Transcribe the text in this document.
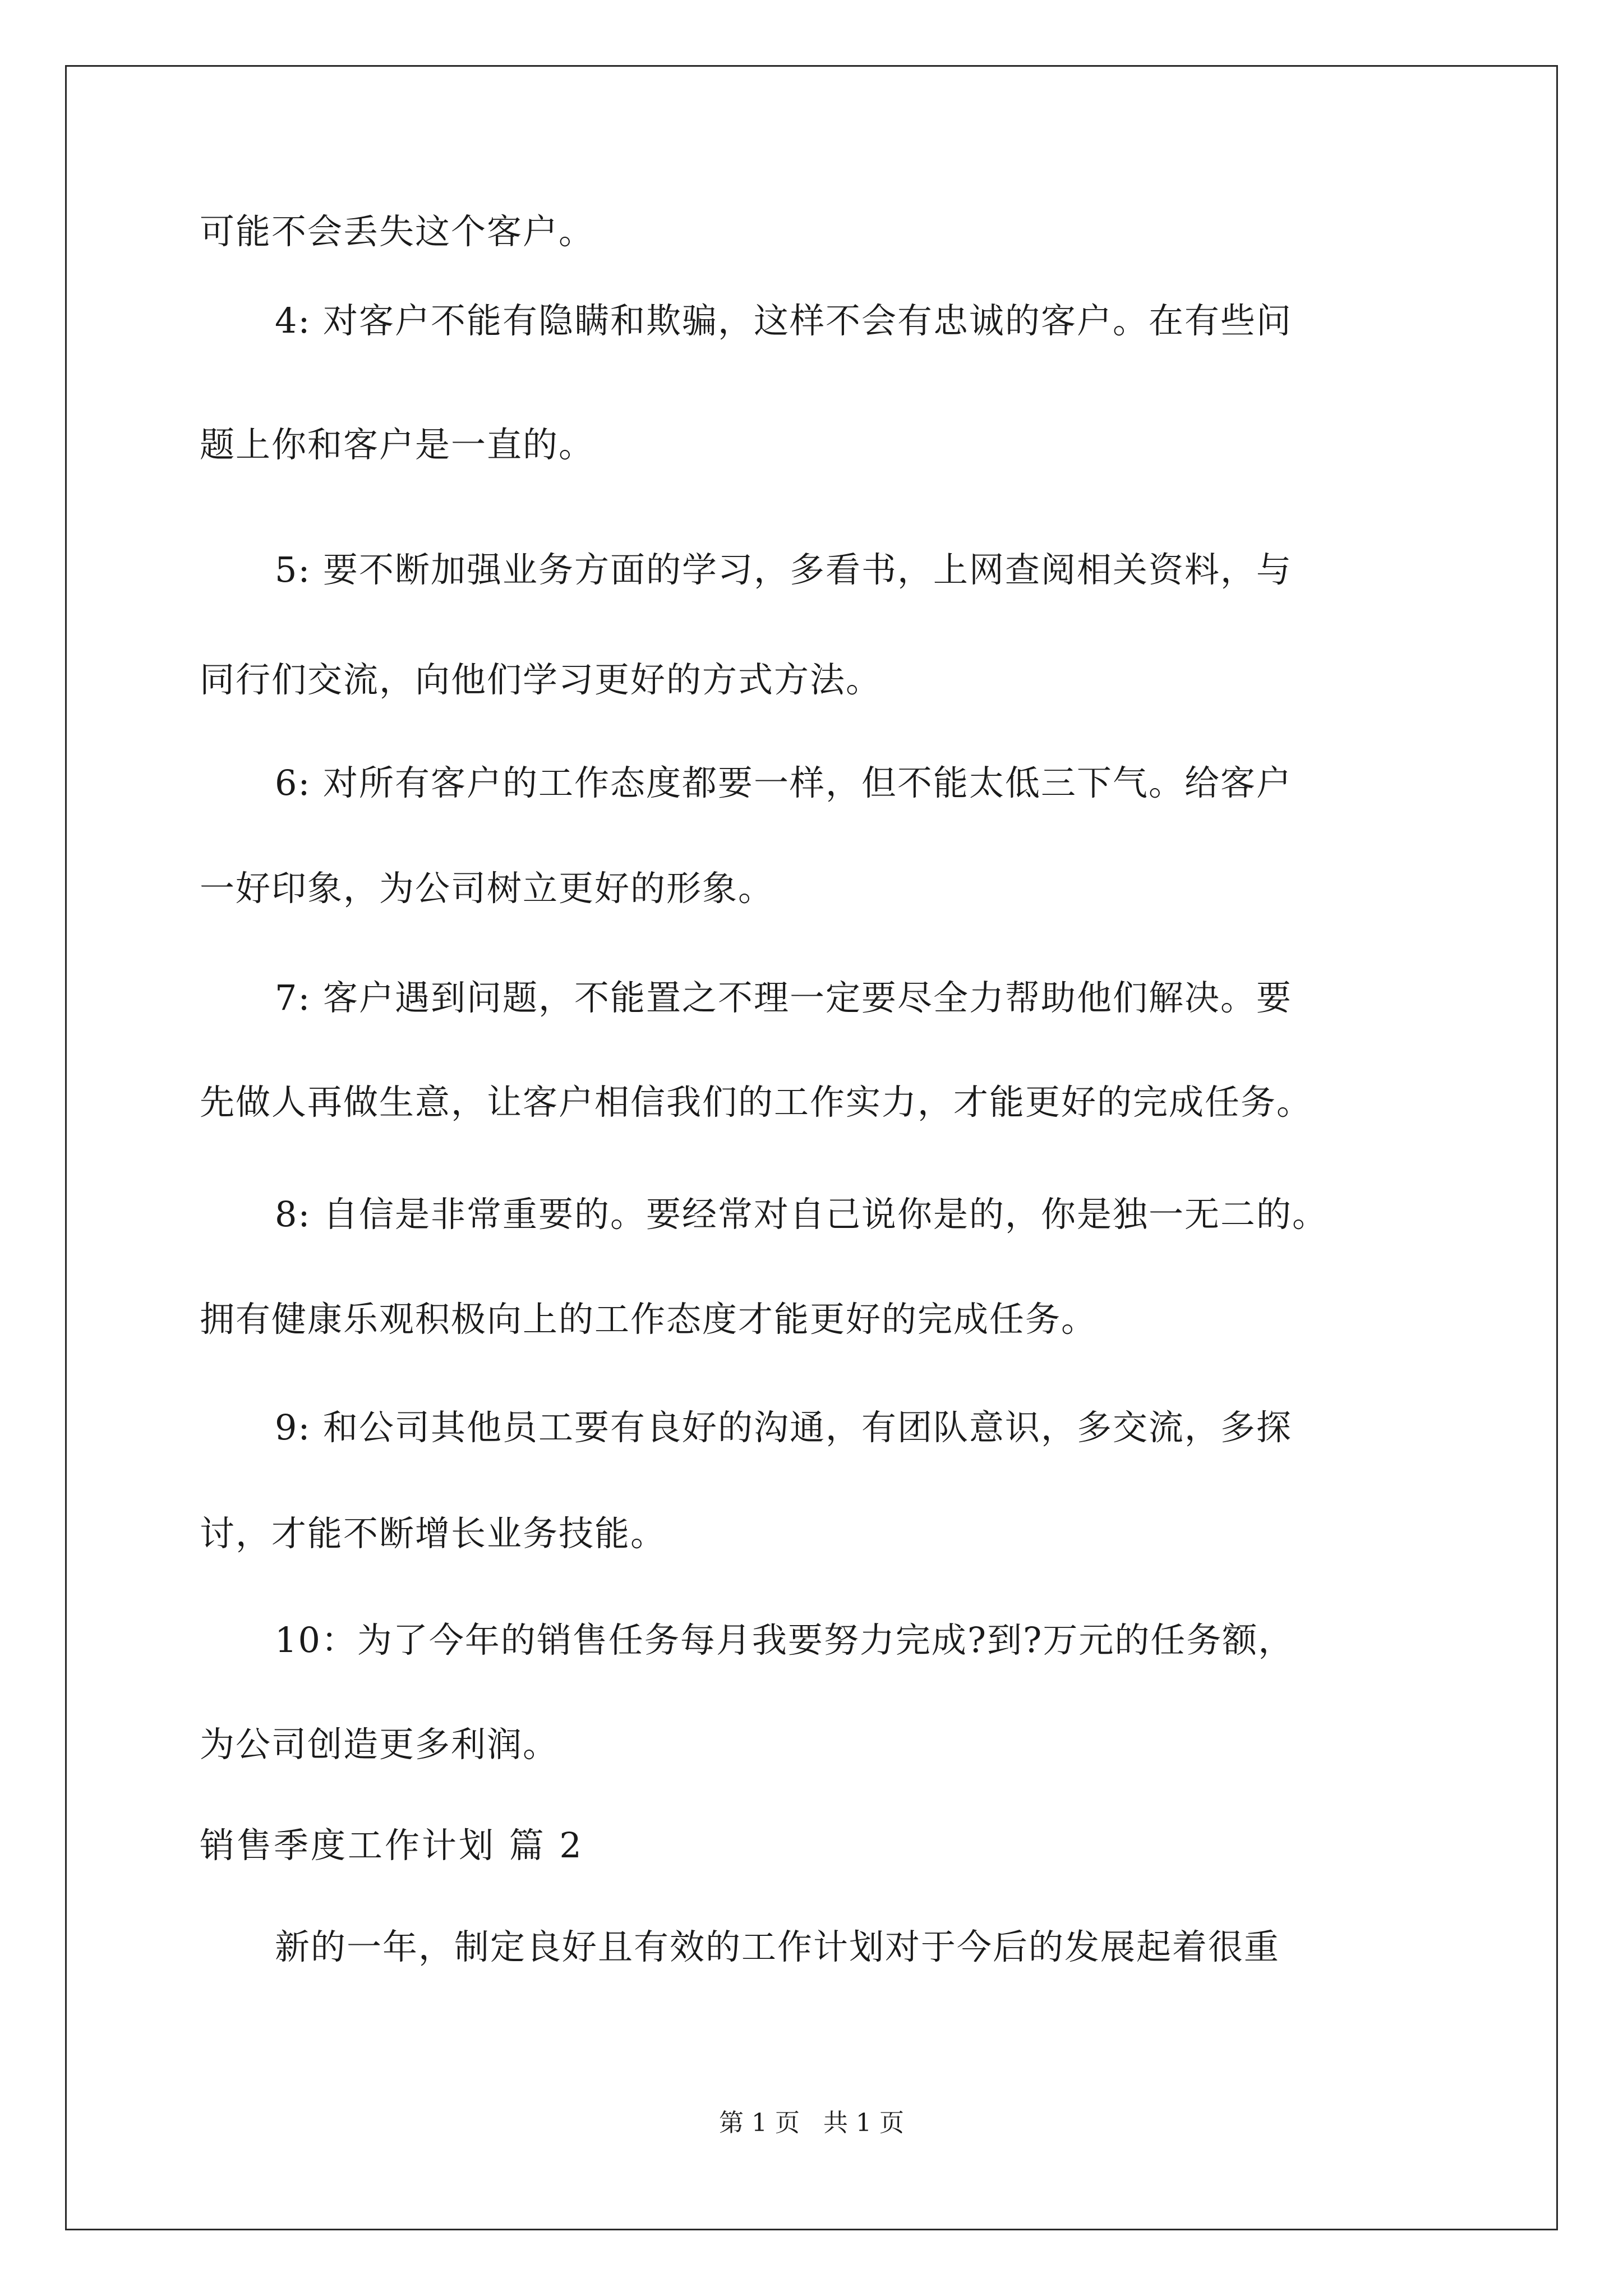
可能不会丢失这个客户。
4: 对客户不能有隐瞒和欺骗，这样不会有忠诚的客户。在有些问
题上你和客户是一直的。
5: 要不断加强业务方面的学习，多看书，上网查阅相关资料，与
同行们交流，向他们学习更好的方式方法。
6: 对所有客户的工作态度都要一样，但不能太低三下气。给客户
一好印象，为公司树立更好的形象。
7: 客户遇到问题，不能置之不理一定要尽全力帮助他们解决。要
先做人再做生意，让客户相信我们的工作实力，才能更好的完成任务。
8: 自信是非常重要的。要经常对自己说你是的，你是独一无二的。
拥有健康乐观积极向上的工作态度才能更好的完成任务。
9: 和公司其他员工要有良好的沟通，有团队意识，多交流，多探
讨，才能不断增长业务技能。
10：为了今年的销售任务每月我要努力完成?到?万元的任务额，
为公司创造更多利润。
销售季度工作计划 篇 2
新的一年，制定良好且有效的工作计划对于今后的发展起着很重
第 1 页   共 1 页
